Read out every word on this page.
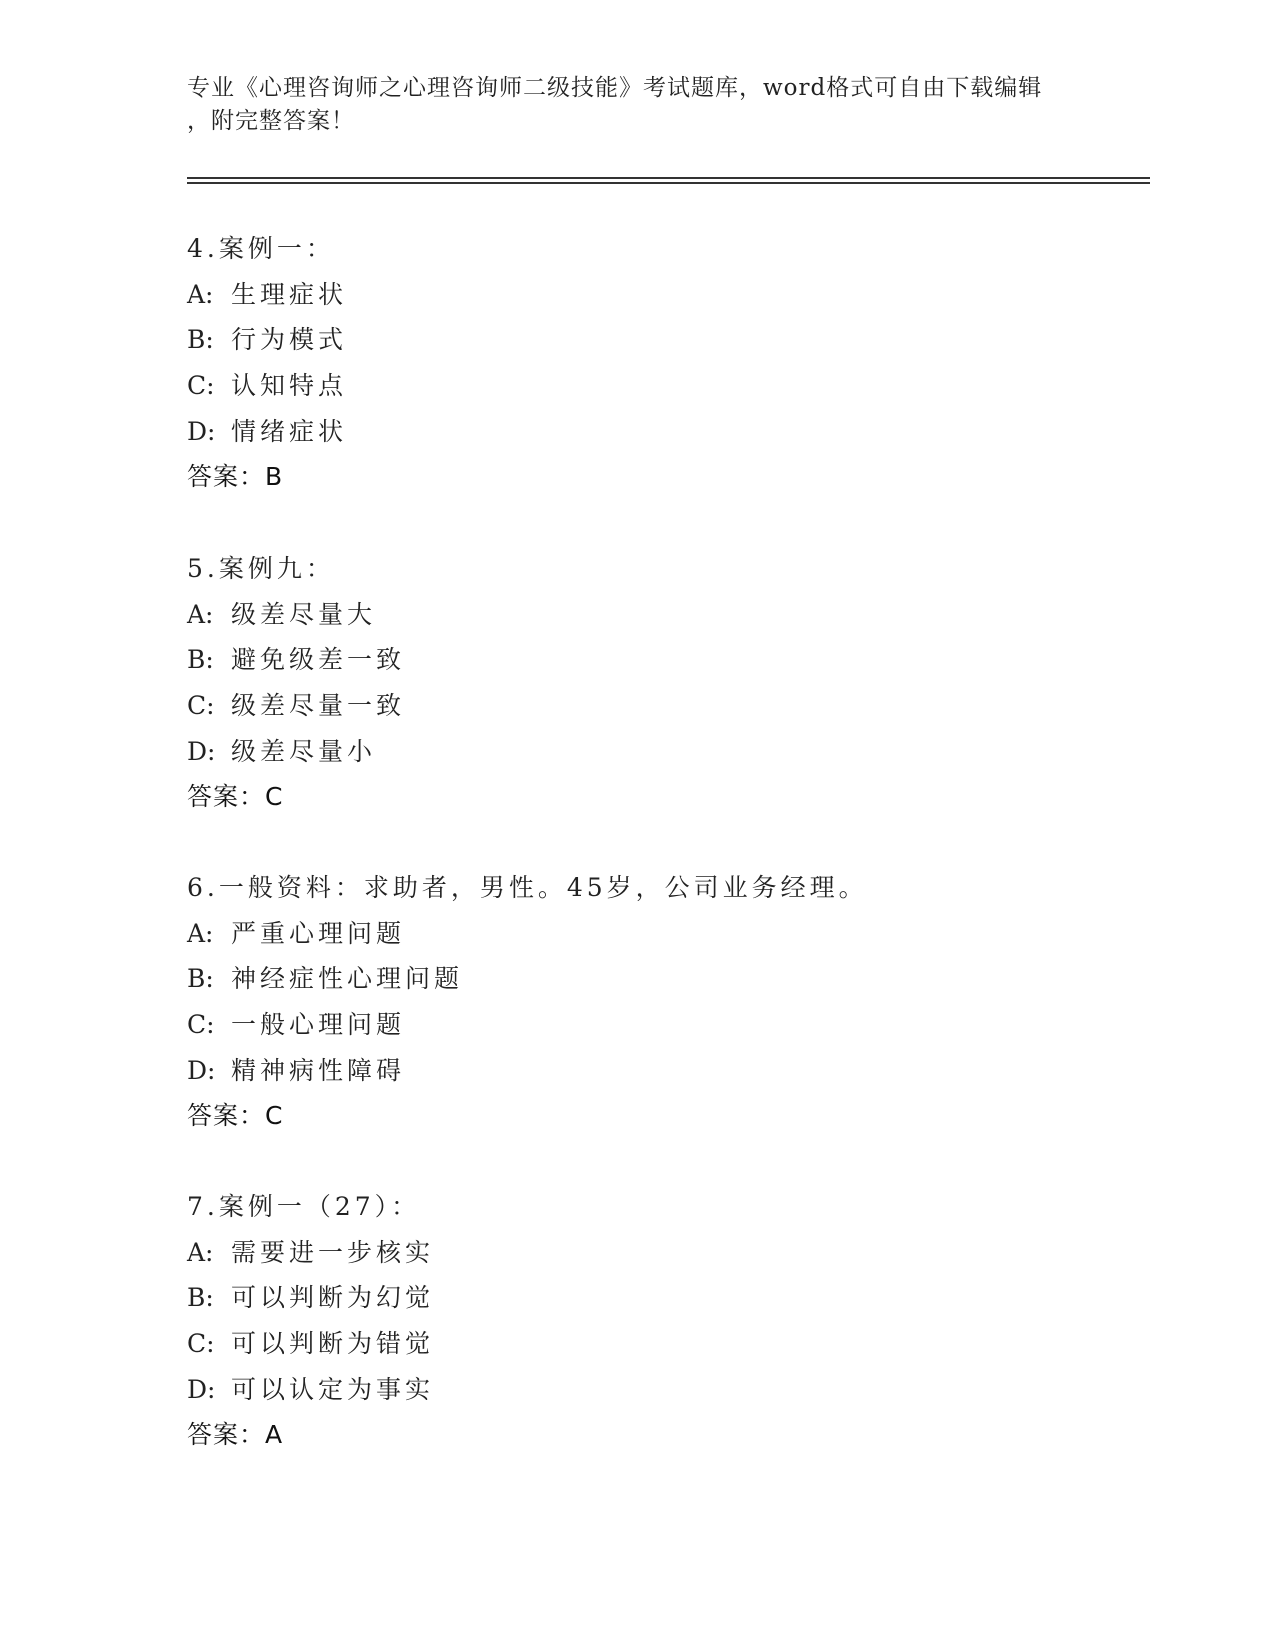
专业《心理咨询师之心理咨询师二级技能》考试题库，word格式可自由下载编辑
，附完整答案！
4.案例一：
A: 生理症状
B: 行为模式
C: 认知特点
D: 情绪症状
答案：B
5.案例九：
A: 级差尽量大
B: 避免级差一致
C: 级差尽量一致
D: 级差尽量小
答案：C
6.一般资料：求助者，男性。45岁，公司业务经理。
A: 严重心理问题
B: 神经症性心理问题
C: 一般心理问题
D: 精神病性障碍
答案：C
7.案例一（27）：
A: 需要进一步核实
B: 可以判断为幻觉
C: 可以判断为错觉
D: 可以认定为事实
答案：A
